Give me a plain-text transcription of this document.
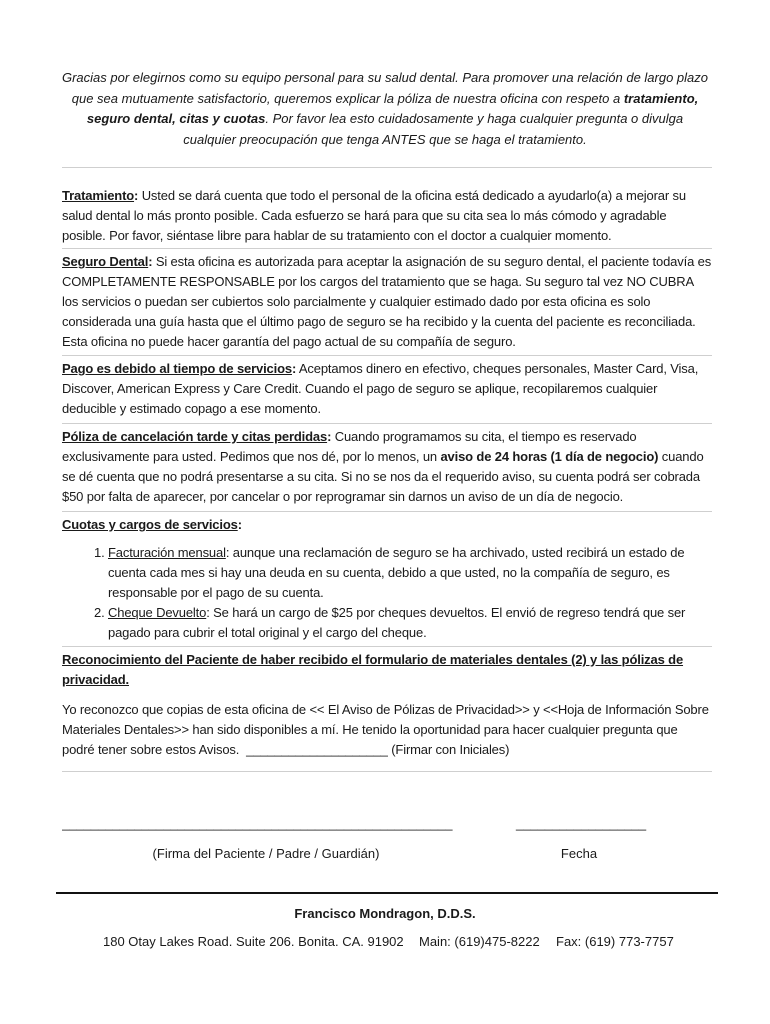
Gracias por elegirnos como su equipo personal para su salud dental. Para promover una relación de largo plazo que sea mutuamente satisfactorio, queremos explicar la póliza de nuestra oficina con respeto a tratamiento, seguro dental, citas y cuotas. Por favor lea esto cuidadosamente y haga cualquier pregunta o divulga cualquier preocupación que tenga ANTES que se haga el tratamiento.

Tratamiento: Usted se dará cuenta que todo el personal de la oficina está dedicado a ayudarlo(a) a mejorar su salud dental lo más pronto posible. Cada esfuerzo se hará para que su cita sea lo más cómodo y agradable posible. Por favor, siéntase libre para hablar de su tratamiento con el doctor a cualquier momento.

Seguro Dental: Si esta oficina es autorizada para aceptar la asignación de su seguro dental, el paciente todavía es COMPLETAMENTE RESPONSABLE por los cargos del tratamiento que se haga. Su seguro tal vez NO CUBRA los servicios o puedan ser cubiertos solo parcialmente y cualquier estimado dado por esta oficina es solo considerada una guía hasta que el último pago de seguro se ha recibido y la cuenta del paciente es reconciliada. Esta oficina no puede hacer garantía del pago actual de su compañía de seguro.

Pago es debido al tiempo de servicios: Aceptamos dinero en efectivo, cheques personales, Master Card, Visa, Discover, American Express y Care Credit. Cuando el pago de seguro se aplique, recopilaremos cualquier deducible y estimado copago a ese momento.

Póliza de cancelación tarde y citas perdidas: Cuando programamos su cita, el tiempo es reservado exclusivamente para usted. Pedimos que nos dé, por lo menos, un aviso de 24 horas (1 día de negocio) cuando se dé cuenta que no podrá presentarse a su cita. Si no se nos da el requerido aviso, su cuenta podrá ser cobrada $50 por falta de aparecer, por cancelar o por reprogramar sin darnos un aviso de un día de negocio.

Cuotas y cargos de servicios:

1. Facturación mensual: aunque una reclamación de seguro se ha archivado, usted recibirá un estado de cuenta cada mes si hay una deuda en su cuenta, debido a que usted, no la compañía de seguro, es responsable por el pago de su cuenta.
2. Cheque Devuelto: Se hará un cargo de $25 por cheques devueltos. El envió de regreso tendrá que ser pagado para cubrir el total original y el cargo del cheque.

Reconocimiento del Paciente de haber recibido el formulario de materiales dentales (2) y las pólizas de privacidad.

Yo reconozco que copias de esta oficina de << El Aviso de Pólizas de Privacidad>> y <<Hoja de Información Sobre Materiales Dentales>> han sido disponibles a mí. He tenido la oportunidad para hacer cualquier pregunta que podré tener sobre estos Avisos. ____________________ (Firmar con Iniciales)

______________________________________________________	__________________
(Firma del Paciente / Padre / Guardián)	Fecha
Francisco Mondragon, D.D.S.
180 Otay Lakes Road. Suite 206. Bonita. CA. 91902 Main: (619)475-8222 Fax: (619) 773-7757
